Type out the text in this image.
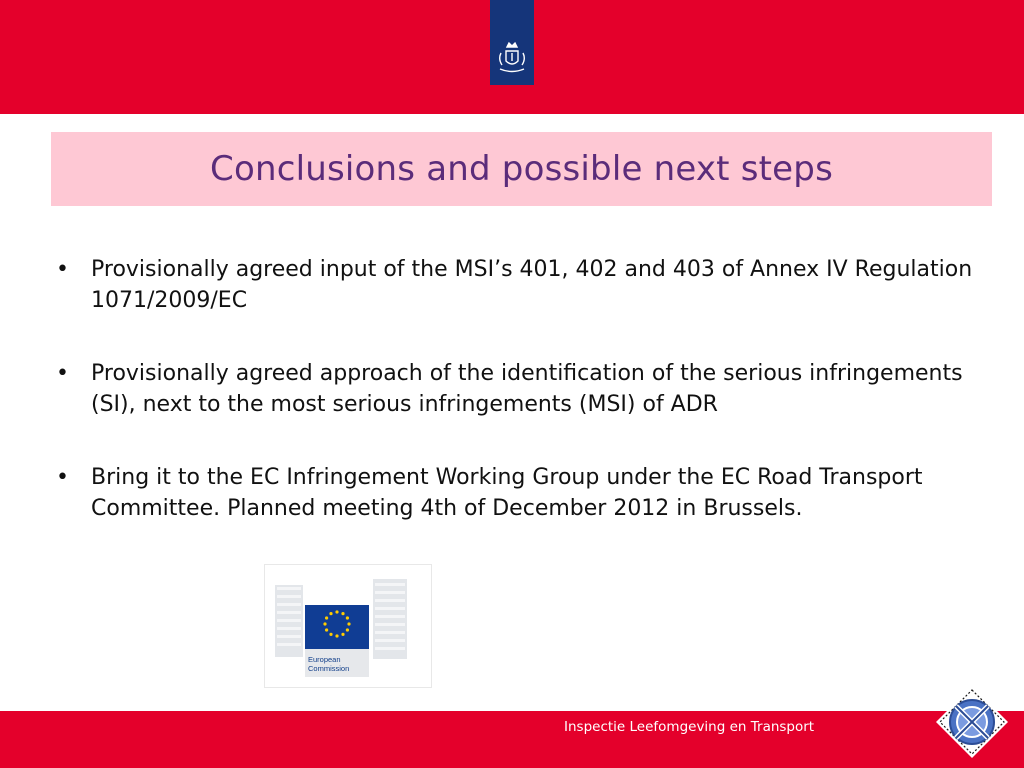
Conclusions and possible next steps
• Provisionally agreed input of the MSI’s 401, 402 and 403 of Annex IV Regulation 1071/2009/EC
• Provisionally agreed approach of the identification of the serious infringements (SI), next to the most serious infringements (MSI) of ADR
• Bring it to the EC Infringement Working Group under the EC Road Transport Committee. Planned meeting 4th of December 2012 in Brussels.
European
Commission
Inspectie Leefomgeving en Transport
